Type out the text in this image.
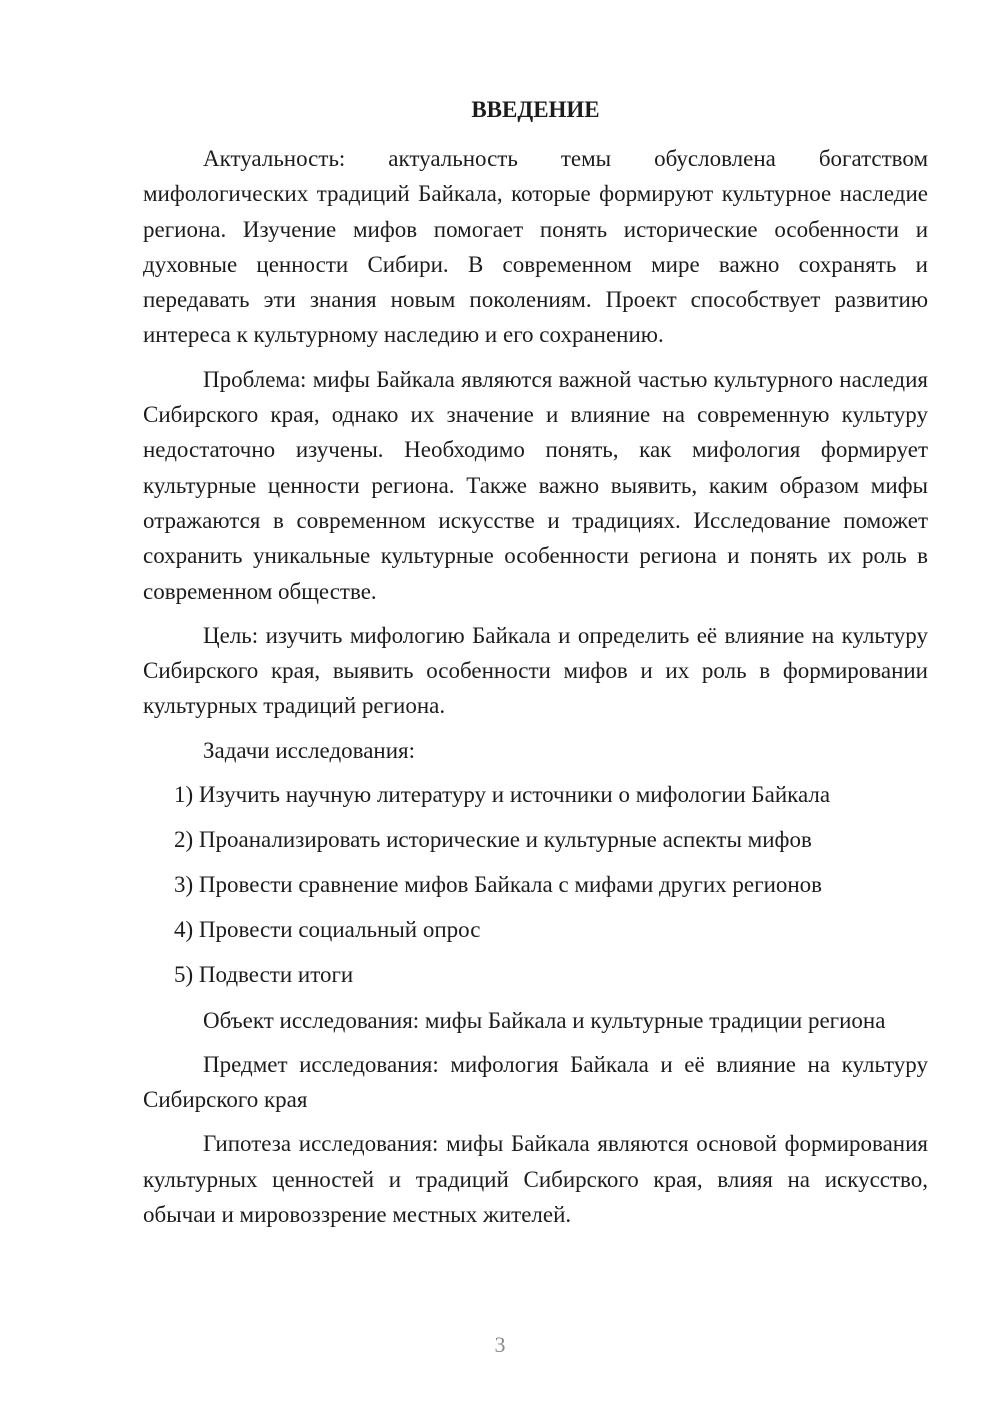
ВВЕДЕНИЕ

Актуальность: актуальность темы обусловлена богатством мифологических традиций Байкала, которые формируют культурное наследие региона. Изучение мифов помогает понять исторические особенности и духовные ценности Сибири. В современном мире важно сохранять и передавать эти знания новым поколениям. Проект способствует развитию интереса к культурному наследию и его сохранению.

Проблема: мифы Байкала являются важной частью культурного наследия Сибирского края, однако их значение и влияние на современную культуру недостаточно изучены. Необходимо понять, как мифология формирует культурные ценности региона. Также важно выявить, каким образом мифы отражаются в современном искусстве и традициях. Исследование поможет сохранить уникальные культурные особенности региона и понять их роль в современном обществе.

Цель: изучить мифологию Байкала и определить её влияние на культуру Сибирского края, выявить особенности мифов и их роль в формировании культурных традиций региона.

Задачи исследования:
1) Изучить научную литературу и источники о мифологии Байкала
2) Проанализировать исторические и культурные аспекты мифов
3) Провести сравнение мифов Байкала с мифами других регионов
4) Провести социальный опрос
5) Подвести итоги

Объект исследования: мифы Байкала и культурные традиции региона

Предмет исследования: мифология Байкала и её влияние на культуру Сибирского края

Гипотеза исследования: мифы Байкала являются основой формирования культурных ценностей и традиций Сибирского края, влияя на искусство, обычаи и мировоззрение местных жителей.

3
